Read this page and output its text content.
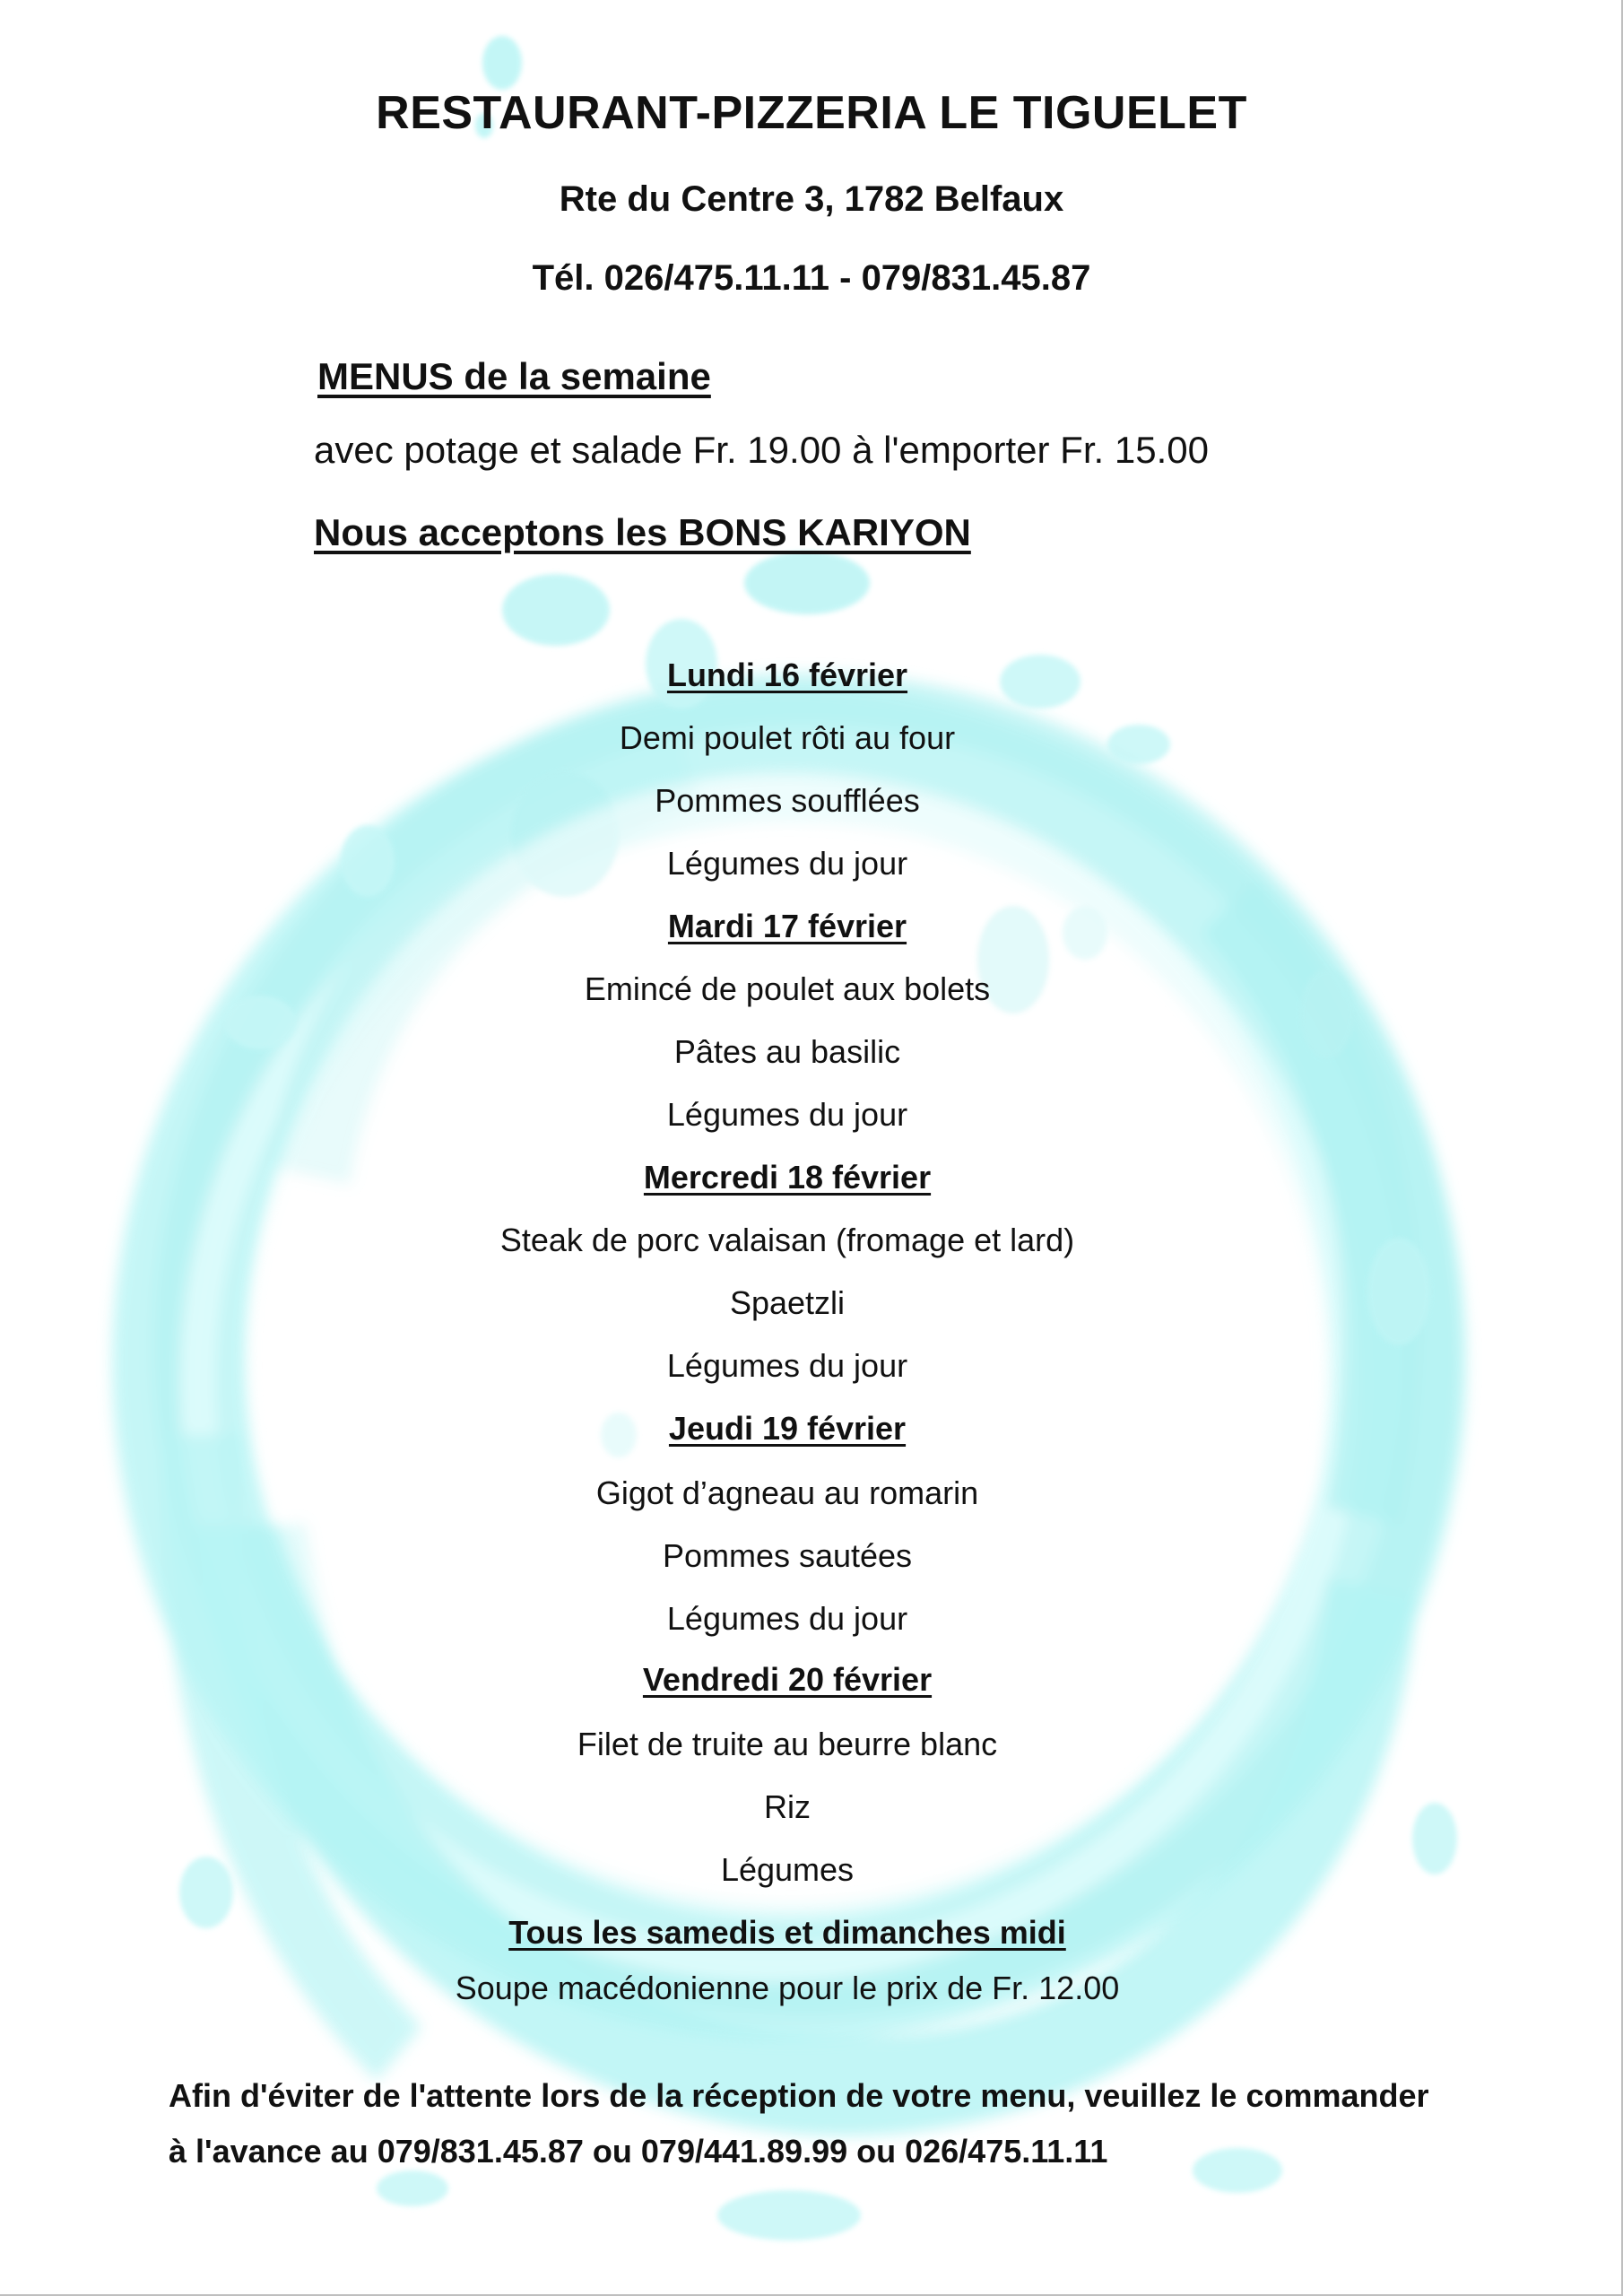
RESTAURANT-PIZZERIA LE TIGUELET
Rte du Centre 3, 1782 Belfaux
Tél. 026/475.11.11 - 079/831.45.87
MENUS de la semaine
avec potage et salade Fr. 19.00 à l'emporter Fr. 15.00
Nous acceptons les BONS KARIYON
Lundi 16 février
Demi poulet rôti au four
Pommes soufflées
Légumes du jour
Mardi 17 février
Emincé de poulet aux bolets
Pâtes au basilic
Légumes du jour
Mercredi 18 février
Steak de porc valaisan (fromage et lard)
Spaetzli
Légumes du jour
Jeudi 19 février
Gigot d’agneau au romarin
Pommes sautées
Légumes du jour
Vendredi 20 février
Filet de truite au beurre blanc
Riz
Légumes
Tous les samedis et dimanches midi
Soupe macédonienne pour le prix de Fr. 12.00
Afin d'éviter de l'attente lors de la réception de votre menu, veuillez le commander
à l'avance au 079/831.45.87 ou 079/441.89.99 ou 026/475.11.11
